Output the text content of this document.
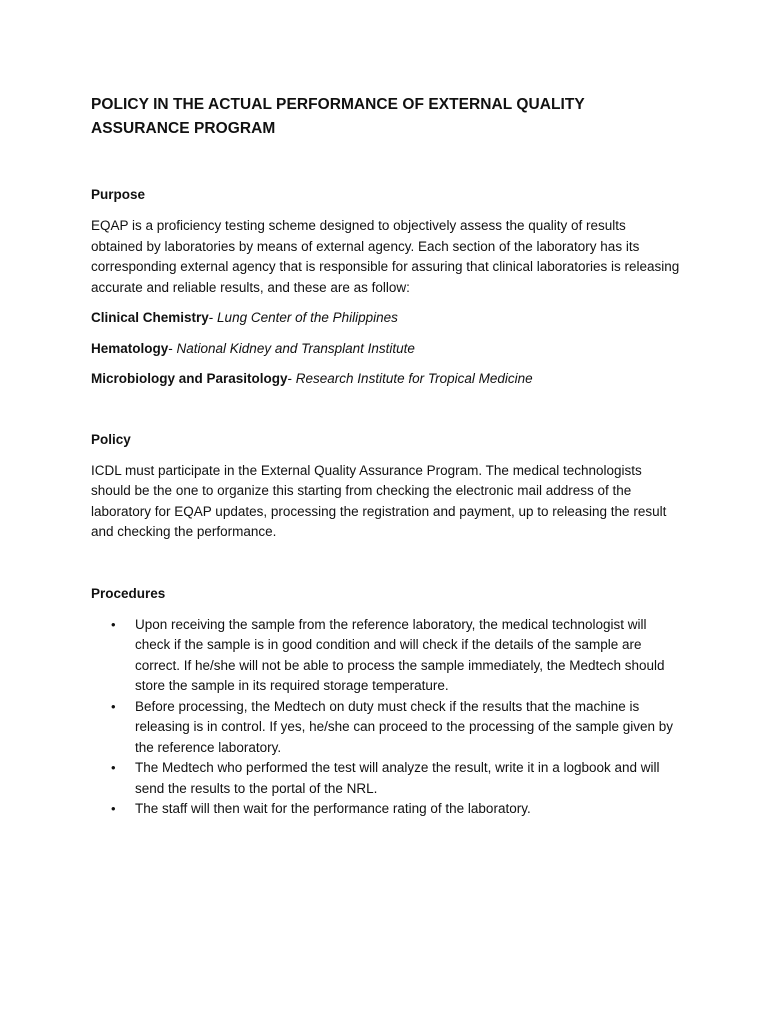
POLICY IN THE ACTUAL PERFORMANCE OF EXTERNAL QUALITY ASSURANCE PROGRAM
Purpose

EQAP is a proficiency testing scheme designed to objectively assess the quality of results obtained by laboratories by means of external agency. Each section of the laboratory has its corresponding external agency that is responsible for assuring that clinical laboratories is releasing accurate and reliable results, and these are as follow:

Clinical Chemistry- Lung Center of the Philippines
Hematology- National Kidney and Transplant Institute
Microbiology and Parasitology- Research Institute for Tropical Medicine
Policy

ICDL must participate in the External Quality Assurance Program. The medical technologists should be the one to organize this starting from checking the electronic mail address of the laboratory for EQAP updates, processing the registration and payment, up to releasing the result and checking the performance.

Procedures
• Upon receiving the sample from the reference laboratory, the medical technologist will check if the sample is in good condition and will check if the details of the sample are correct. If he/she will not be able to process the sample immediately, the Medtech should store the sample in its required storage temperature.
• Before processing, the Medtech on duty must check if the results that the machine is releasing is in control. If yes, he/she can proceed to the processing of the sample given by the reference laboratory.
• The Medtech who performed the test will analyze the result, write it in a logbook and will send the results to the portal of the NRL.
• The staff will then wait for the performance rating of the laboratory.
